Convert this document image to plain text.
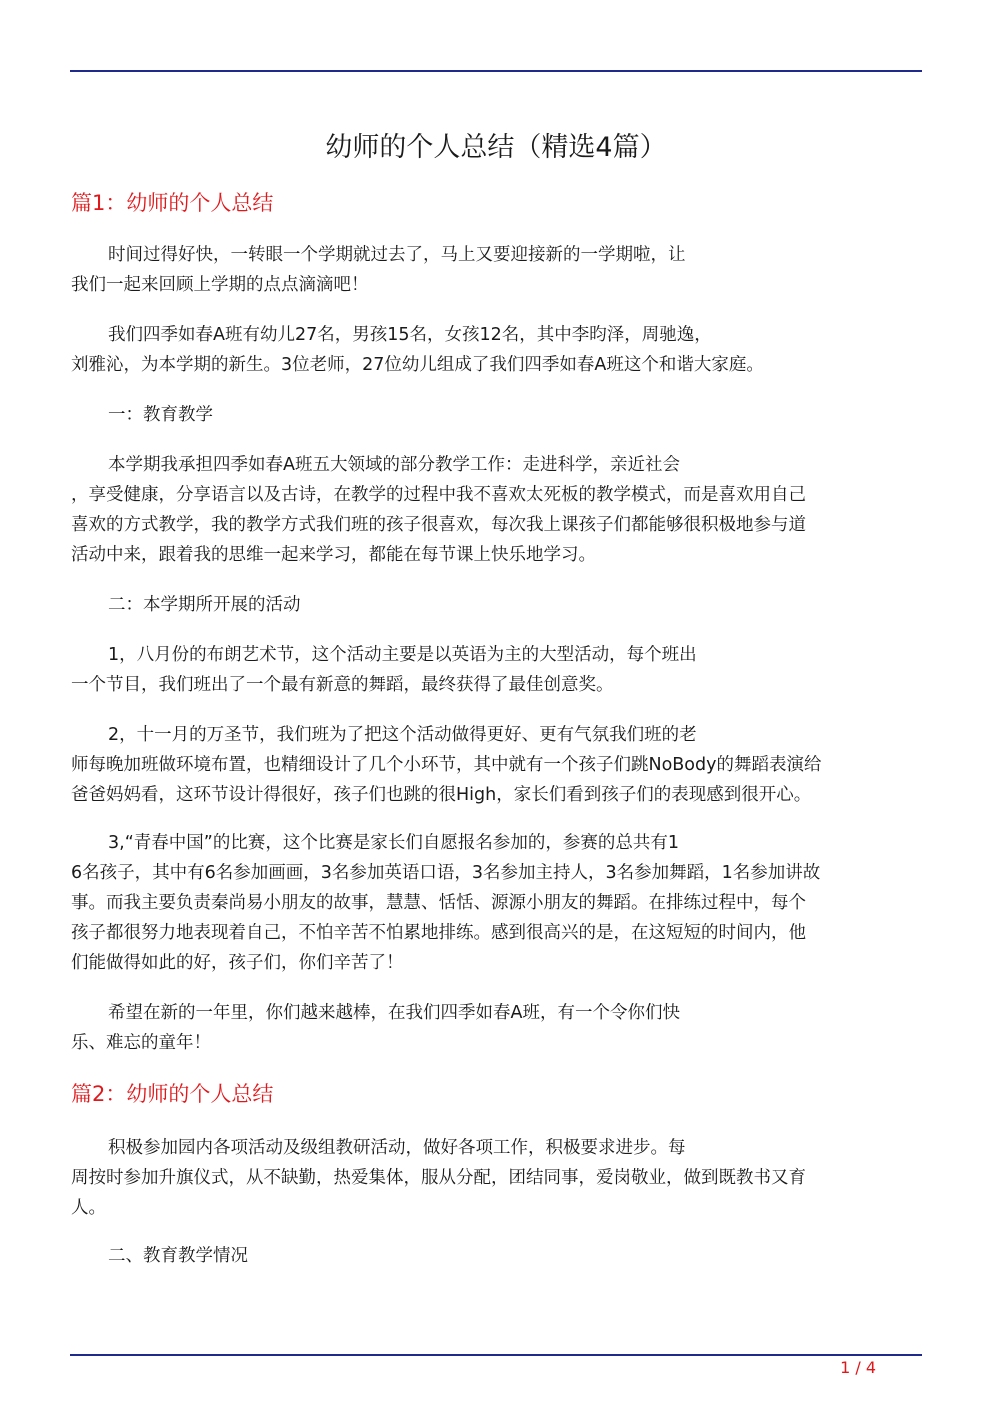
幼师的个人总结（精选4篇）
篇1：幼师的个人总结

时间过得好快，一转眼一个学期就过去了，马上又要迎接新的一学期啦，让
我们一起来回顾上学期的点点滴滴吧！

我们四季如春A班有幼儿27名，男孩15名，女孩12名，其中李昀泽，周驰逸，
刘雅沁，为本学期的新生。3位老师，27位幼儿组成了我们四季如春A班这个和谐大家庭。

一：教育教学

本学期我承担四季如春A班五大领域的部分教学工作：走进科学，亲近社会
，享受健康，分享语言以及古诗，在教学的过程中我不喜欢太死板的教学模式，而是喜欢用自己
喜欢的方式教学，我的教学方式我们班的孩子很喜欢，每次我上课孩子们都能够很积极地参与道
活动中来，跟着我的思维一起来学习，都能在每节课上快乐地学习。

二：本学期所开展的活动

1，八月份的布朗艺术节，这个活动主要是以英语为主的大型活动，每个班出
一个节目，我们班出了一个最有新意的舞蹈，最终获得了最佳创意奖。

2，十一月的万圣节，我们班为了把这个活动做得更好、更有气氛我们班的老
师每晚加班做环境布置，也精细设计了几个小环节，其中就有一个孩子们跳NoBody的舞蹈表演给
爸爸妈妈看，这环节设计得很好，孩子们也跳的很High，家长们看到孩子们的表现感到很开心。

3,“青春中国”的比赛，这个比赛是家长们自愿报名参加的，参赛的总共有1
6名孩子，其中有6名参加画画，3名参加英语口语，3名参加主持人，3名参加舞蹈，1名参加讲故
事。而我主要负责秦尚易小朋友的故事，慧慧、恬恬、源源小朋友的舞蹈。在排练过程中，每个
孩子都很努力地表现着自己，不怕辛苦不怕累地排练。感到很高兴的是，在这短短的时间内，他
们能做得如此的好，孩子们，你们辛苦了！

希望在新的一年里，你们越来越棒，在我们四季如春A班，有一个令你们快
乐、难忘的童年！

篇2：幼师的个人总结

积极参加园内各项活动及级组教研活动，做好各项工作，积极要求进步。每
周按时参加升旗仪式，从不缺勤，热爱集体，服从分配，团结同事，爱岗敬业，做到既教书又育
人。

二、教育教学情况

1 / 4
